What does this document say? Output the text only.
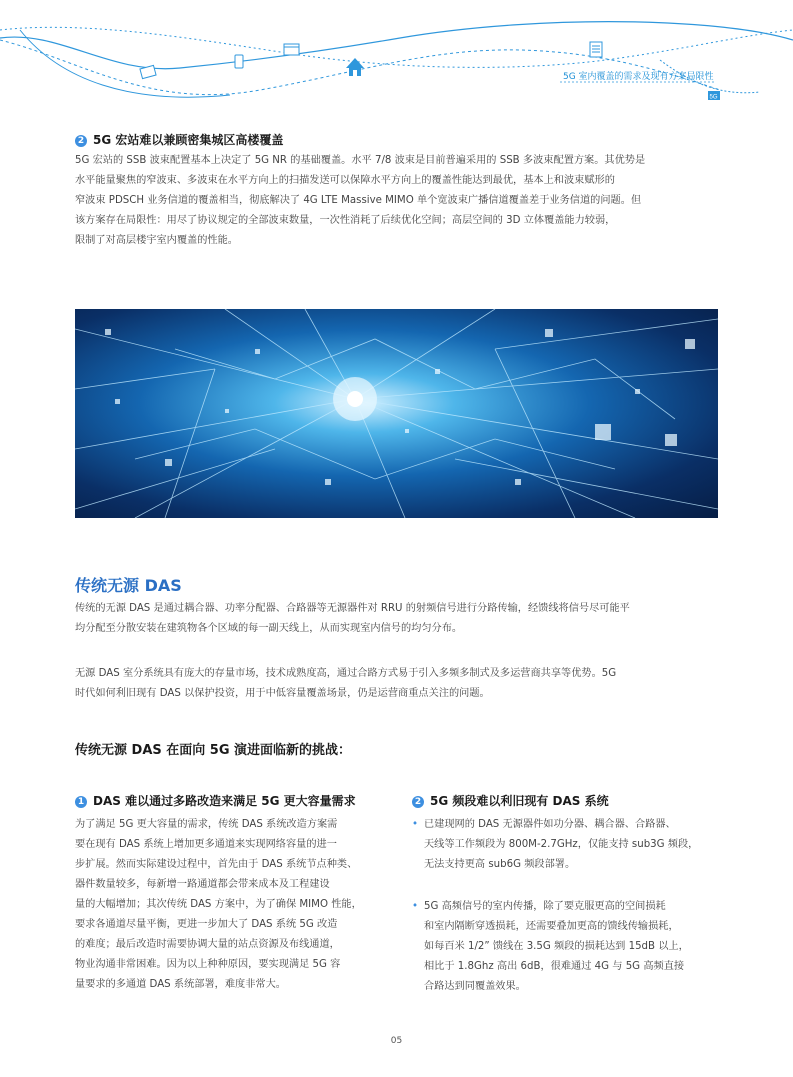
5G
5G 室内覆盖的需求及现有方案局限性
2 5G 宏站难以兼顾密集城区高楼覆盖

5G 宏站的 SSB 波束配置基本上决定了 5G NR 的基础覆盖。水平 7/8 波束是目前普遍采用的 SSB 多波束配置方案。其优势是

水平能量聚焦的窄波束、多波束在水平方向上的扫描发送可以保障水平方向上的覆盖性能达到最优，基本上和波束赋形的

窄波束 PDSCH 业务信道的覆盖相当，彻底解决了 4G LTE Massive MIMO 单个宽波束广播信道覆盖差于业务信道的问题。但

该方案存在局限性：用尽了协议规定的全部波束数量，一次性消耗了后续优化空间；高层空间的 3D 立体覆盖能力较弱，

限制了对高层楼宇室内覆盖的性能。

传统无源 DAS

传统的无源 DAS 是通过耦合器、功率分配器、合路器等无源器件对 RRU 的射频信号进行分路传输，经馈线将信号尽可能平

均分配至分散安装在建筑物各个区域的每一副天线上，从而实现室内信号的均匀分布。

无源 DAS 室分系统具有庞大的存量市场，技术成熟度高，通过合路方式易于引入多频多制式及多运营商共享等优势。5G

时代如何利旧现有 DAS 以保护投资，用于中低容量覆盖场景，仍是运营商重点关注的问题。

传统无源 DAS 在面向 5G 演进面临新的挑战：
1 DAS 难以通过多路改造来满足 5G 更大容量需求

为了满足 5G 更大容量的需求，传统 DAS 系统改造方案需

要在现有 DAS 系统上增加更多通道来实现网络容量的进一

步扩展。然而实际建设过程中，首先由于 DAS 系统节点种类、

器件数量较多，每新增一路通道都会带来成本及工程建设

量的大幅增加；其次传统 DAS 方案中，为了确保 MIMO 性能，

要求各通道尽量平衡，更进一步加大了 DAS 系统 5G 改造

的难度；最后改造时需要协调大量的站点资源及布线通道，

物业沟通非常困难。因为以上种种原因，要实现满足 5G 容

量要求的多通道 DAS 系统部署，难度非常大。

2 5G 频段难以利旧现有 DAS 系统
• 已建现网的 DAS 无源器件如功分器、耦合器、合路器、
天线等工作频段为 800M-2.7GHz，仅能支持 sub3G 频段，
无法支持更高 sub6G 频段部署。
• 5G 高频信号的室内传播，除了要克服更高的空间损耗
和室内隔断穿透损耗，还需要叠加更高的馈线传输损耗，
如每百米 1/2” 馈线在 3.5G 频段的损耗达到 15dB 以上，
相比于 1.8Ghz 高出 6dB，很难通过 4G 与 5G 高频直接
合路达到同覆盖效果。
05
